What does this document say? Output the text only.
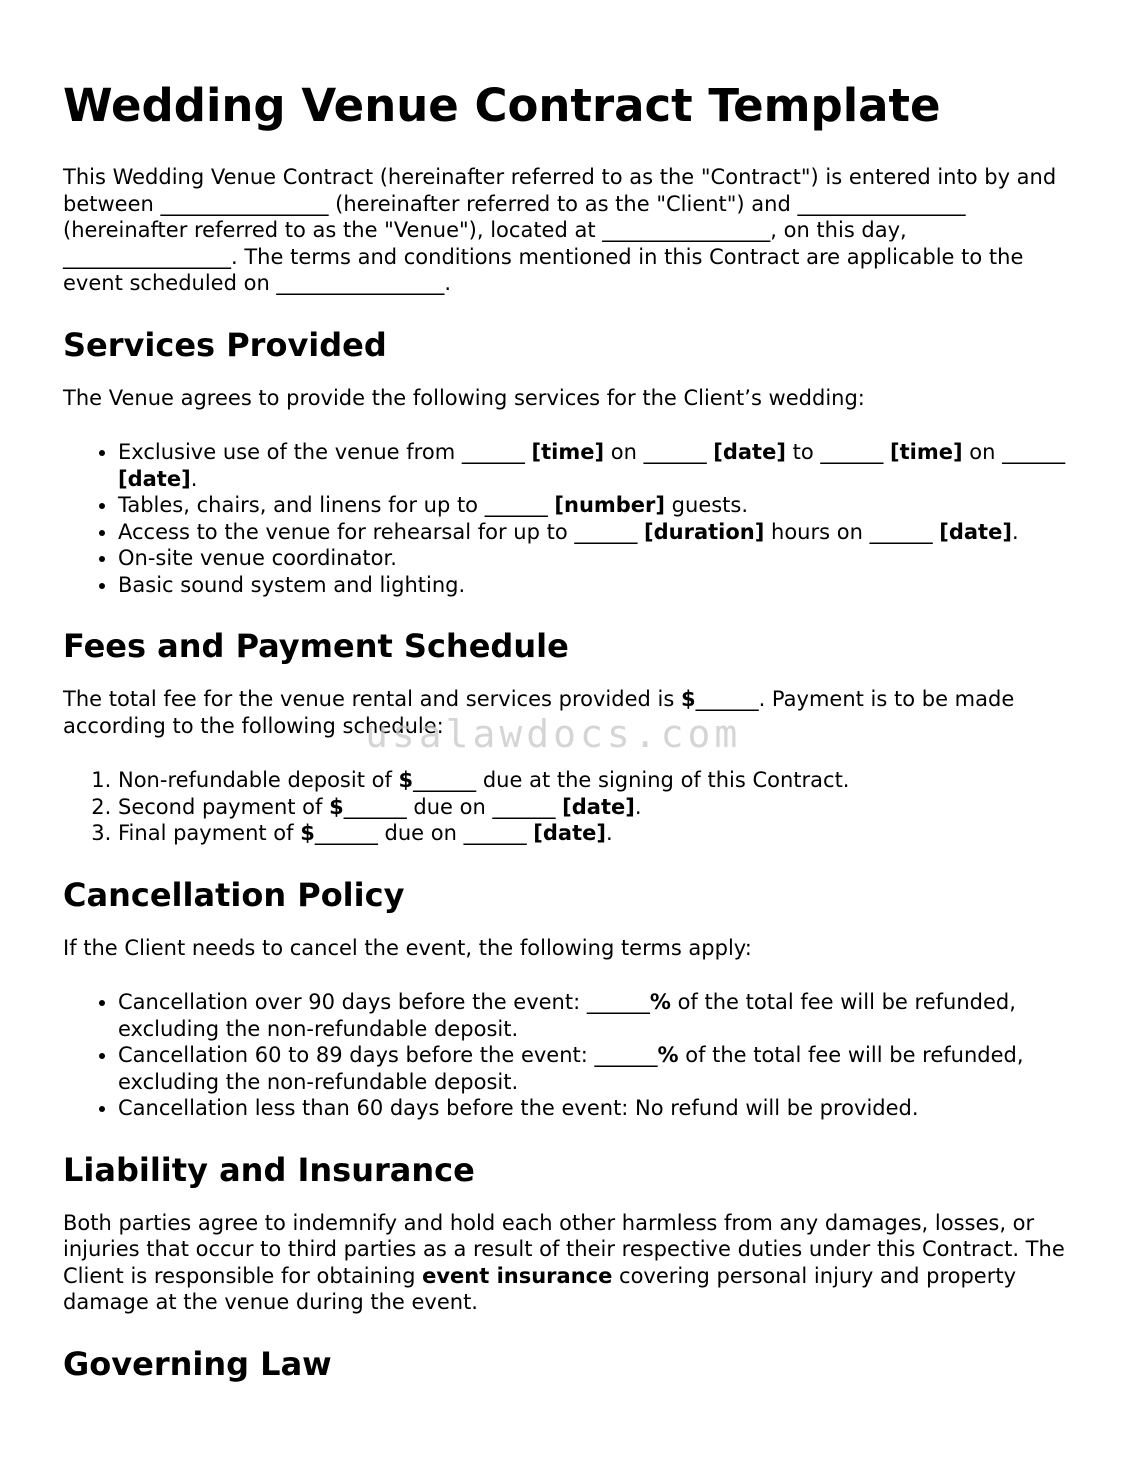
Wedding Venue Contract Template

This Wedding Venue Contract (hereinafter referred to as the "Contract") is entered into by and between ________________ (hereinafter referred to as the "Client") and ________________ (hereinafter referred to as the "Venue"), located at ________________, on this day, ________________. The terms and conditions mentioned in this Contract are applicable to the event scheduled on ________________.

Services Provided

The Venue agrees to provide the following services for the Client’s wedding:

• Exclusive use of the venue from ______ [time] on ______ [date] to ______ [time] on ______ [date].
• Tables, chairs, and linens for up to ______ [number] guests.
• Access to the venue for rehearsal for up to ______ [duration] hours on ______ [date].
• On-site venue coordinator.
• Basic sound system and lighting.
Fees and Payment Schedule

The total fee for the venue rental and services provided is $______. Payment is to be made according to the following schedule:

1. Non-refundable deposit of $______ due at the signing of this Contract.
2. Second payment of $______ due on ______ [date].
3. Final payment of $______ due on ______ [date].
Cancellation Policy

If the Client needs to cancel the event, the following terms apply:

• Cancellation over 90 days before the event: ______% of the total fee will be refunded, excluding the non-refundable deposit.
• Cancellation 60 to 89 days before the event: ______% of the total fee will be refunded, excluding the non-refundable deposit.
• Cancellation less than 60 days before the event: No refund will be provided.
Liability and Insurance

Both parties agree to indemnify and hold each other harmless from any damages, losses, or injuries that occur to third parties as a result of their respective duties under this Contract. The Client is responsible for obtaining event insurance covering personal injury and property damage at the venue during the event.

Governing Law
usalawdocs.com
